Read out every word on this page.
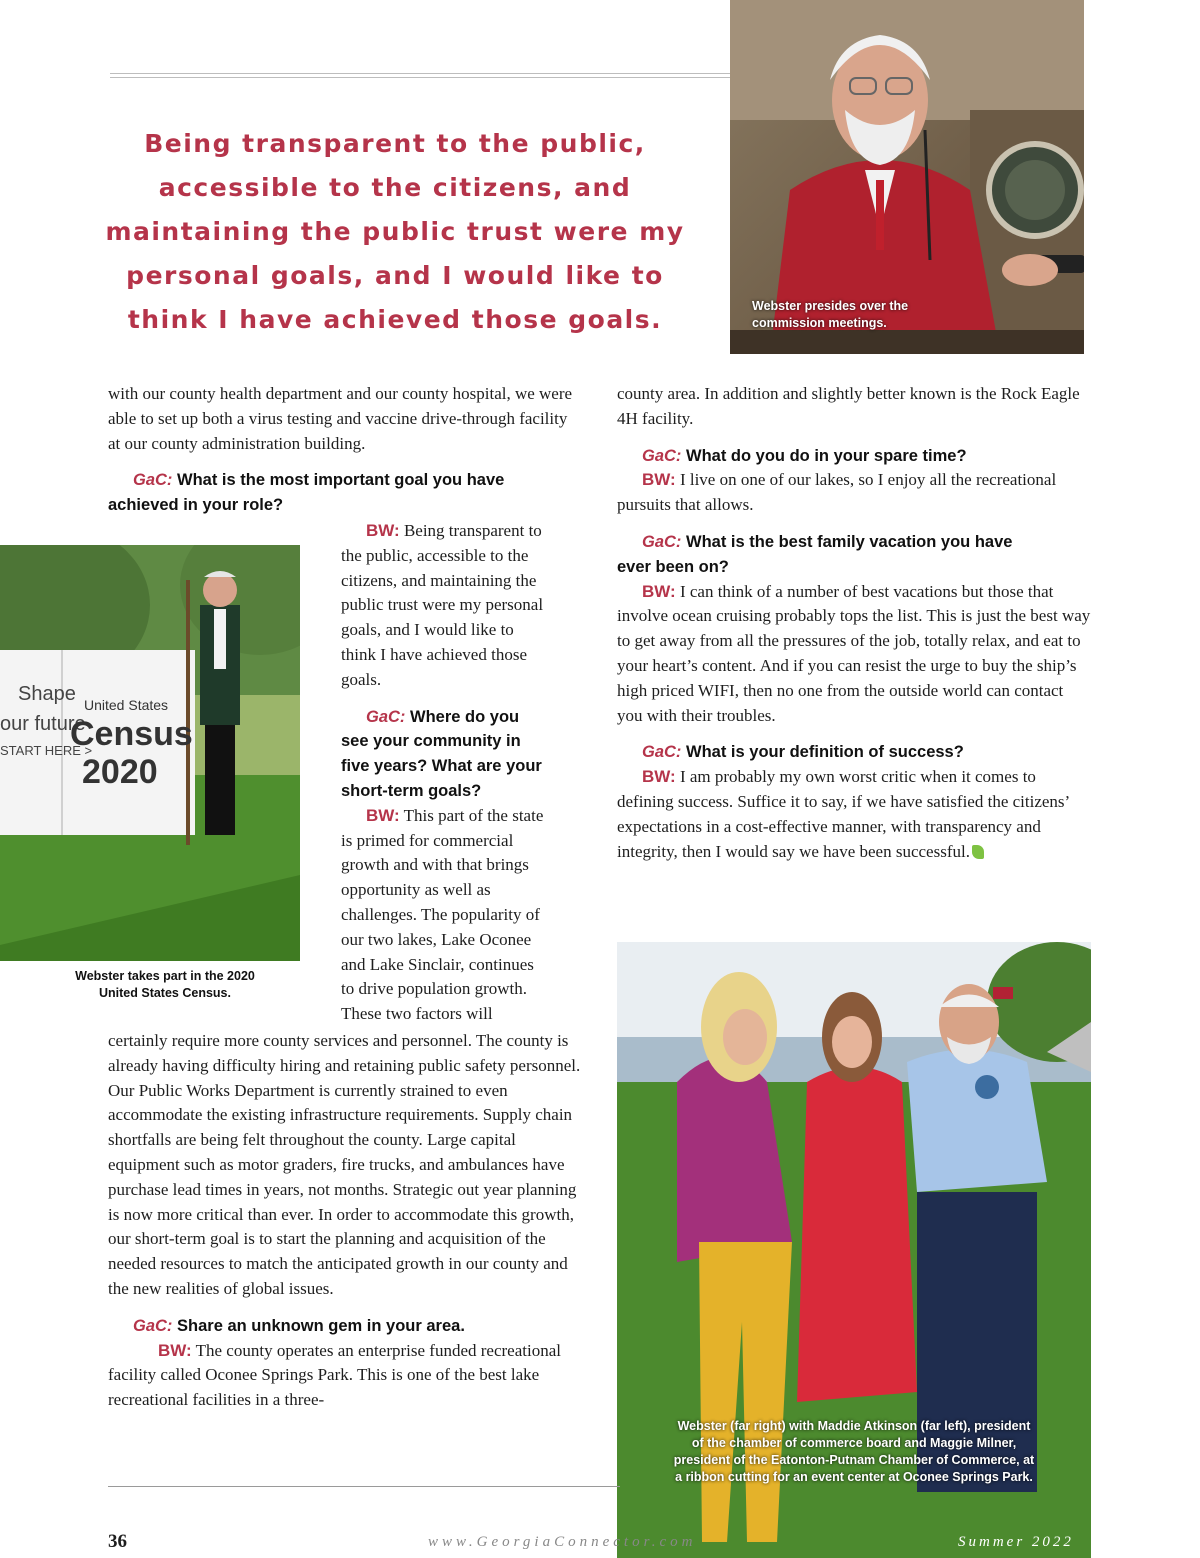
Being transparent to the public, accessible to the citizens, and maintaining the public trust were my personal goals, and I would like to think I have achieved those goals.	Webster presides over the
commission meetings.
Shape
our future
START HERE >
United States
Census
2020
Webster takes part in the 2020
United States Census.
Webster (far right) with Maddie Atkinson (far left), president
of the chamber of commerce board and Maggie Milner,
president of the Eatonton-Putnam Chamber of Commerce, at
a ribbon cutting for an event center at Oconee Springs Park.

with our county health department and our county hospital, we were able to set up both a virus testing and vaccine drive-through facility at our county administration building.

GaC: What is the most important goal you have

achieved in your role?

BW: Being transparent to

the public, accessible to the

citizens, and maintaining the

public trust were my personal

goals, and I would like to

think I have achieved those

goals.

GaC: Where do you

see your community in

five years? What are your

short-term goals?

BW: This part of the state

is primed for commercial

growth and with that brings

opportunity as well as

challenges. The popularity of

our two lakes, Lake Oconee

and Lake Sinclair, continues

to drive population growth.

These two factors will

certainly require more county services and personnel. The county is already having difficulty hiring and retaining public safety personnel. Our Public Works Department is currently strained to even accommodate the existing infrastructure requirements. Supply chain shortfalls are being felt throughout the county. Large capital equipment such as motor graders, fire trucks, and ambulances have purchase lead times in years, not months. Strategic out year planning is now more critical than ever. In order to accommodate this growth, our short-term goal is to start the planning and acquisition of the needed resources to match the anticipated growth in our county and the new realities of global issues.

GaC: Share an unknown gem in your area.

BW: The county operates an enterprise funded recreational facility called Oconee Springs Park. This is one of the best lake recreational facilities in a three-

county area. In addition and slightly better known is the Rock Eagle 4H facility.

GaC: What do you do in your spare time?

BW: I live on one of our lakes, so I enjoy all the recreational pursuits that allows.

GaC: What is the best family vacation you have

ever been on?

BW: I can think of a number of best vacations but those that involve ocean cruising probably tops the list. This is just the best way to get away from all the pressures of the job, totally relax, and eat to your heart’s content. And if you can resist the urge to buy the ship’s high priced WIFI, then no one from the outside world can contact you with their troubles.

GaC: What is your definition of success?

BW: I am probably my own worst critic when it comes to defining success. Suffice it to say, if we have satisfied the citizens’ expectations in a cost-effective manner, with transparency and integrity, then I would say we have been successful.

36	www.GeorgiaConnector.com	Summer 2022
